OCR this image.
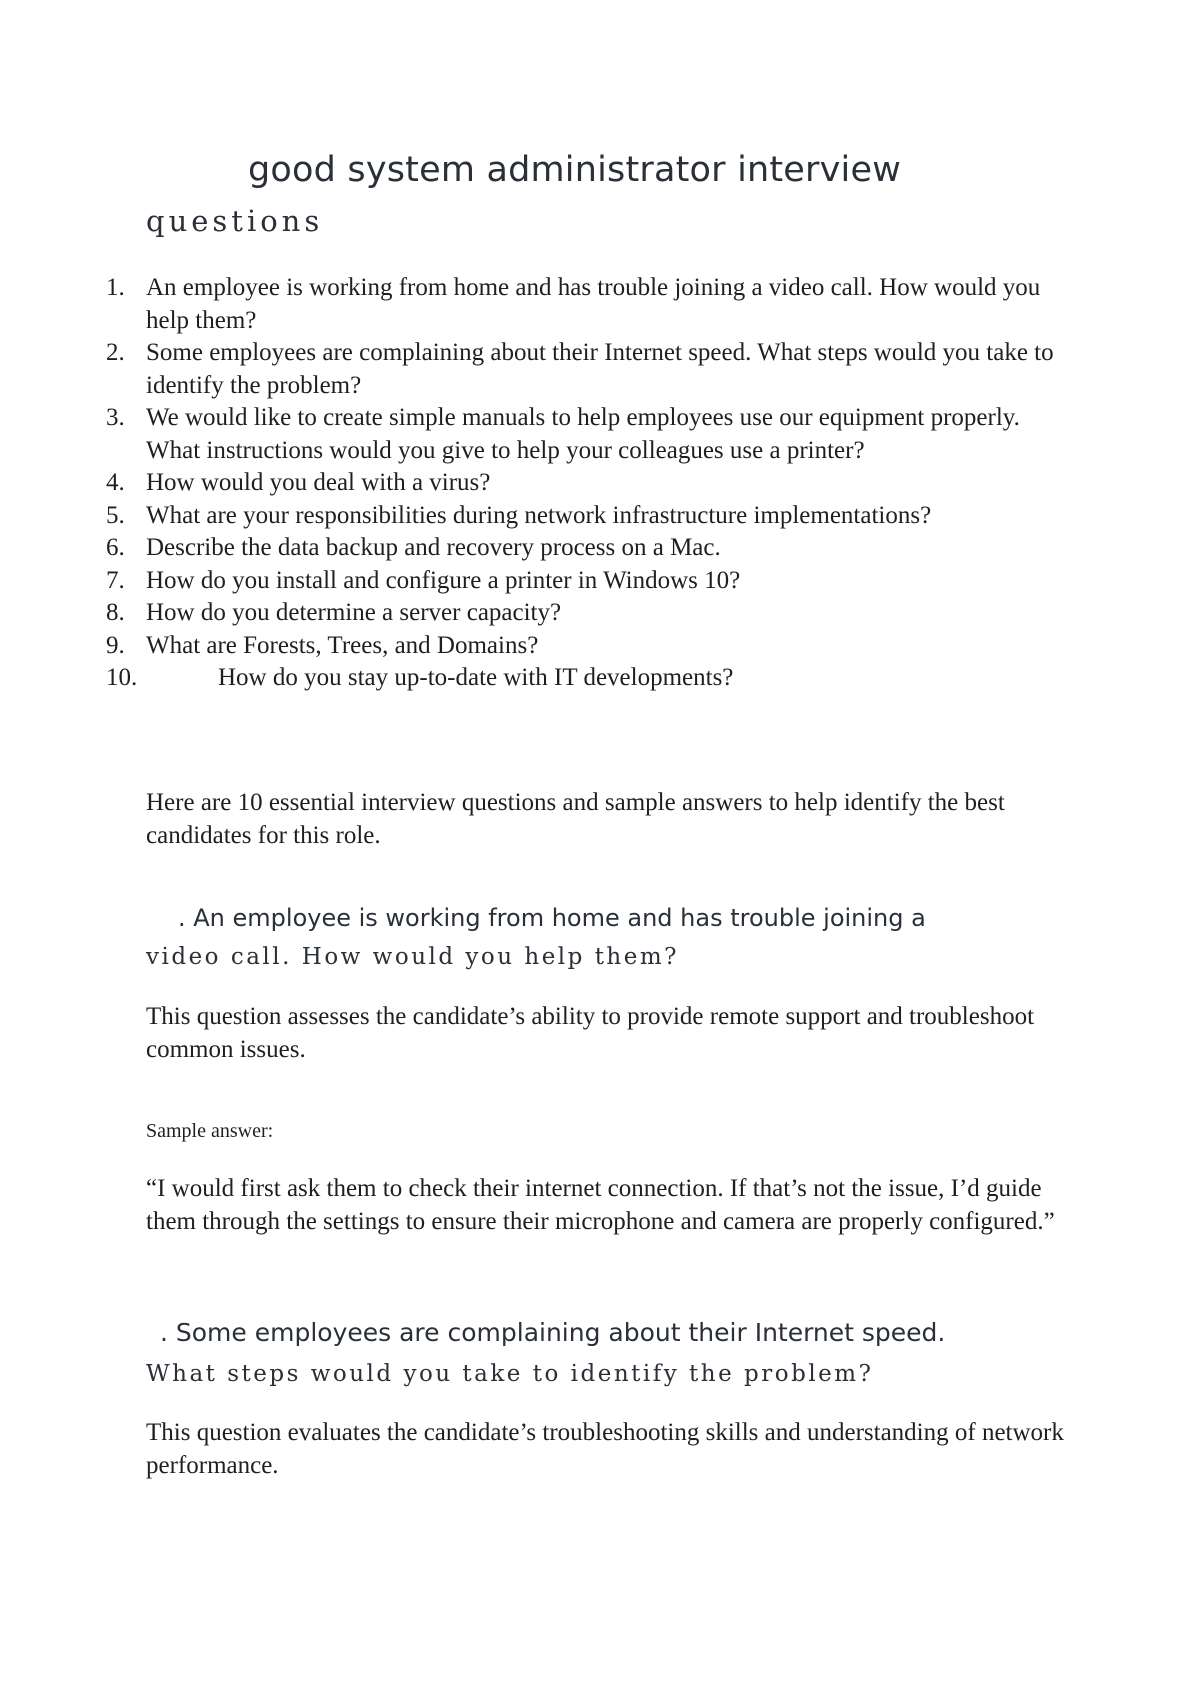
good system administrator interview
questions
1. An employee is working from home and has trouble joining a video call. How would you help them?
2. Some employees are complaining about their Internet speed. What steps would you take to identify the problem?
3. We would like to create simple manuals to help employees use our equipment properly. What instructions would you give to help your colleagues use a printer?
4. How would you deal with a virus?
5. What are your responsibilities during network infrastructure implementations?
6. Describe the data backup and recovery process on a Mac.
7. How do you install and configure a printer in Windows 10?
8. How do you determine a server capacity?
9. What are Forests, Trees, and Domains?
10.	How do you stay up-to-date with IT developments?

Here are 10 essential interview questions and sample answers to help identify the best candidates for this role.

. An employee is working from home and has trouble joining a
video call. How would you help them?

This question assesses the candidate’s ability to provide remote support and troubleshoot common issues.

Sample answer:

“I would first ask them to check their internet connection. If that’s not the issue, I’d guide them through the settings to ensure their microphone and camera are properly configured.”

. Some employees are complaining about their Internet speed.
What steps would you take to identify the problem?

This question evaluates the candidate’s troubleshooting skills and understanding of network performance.
